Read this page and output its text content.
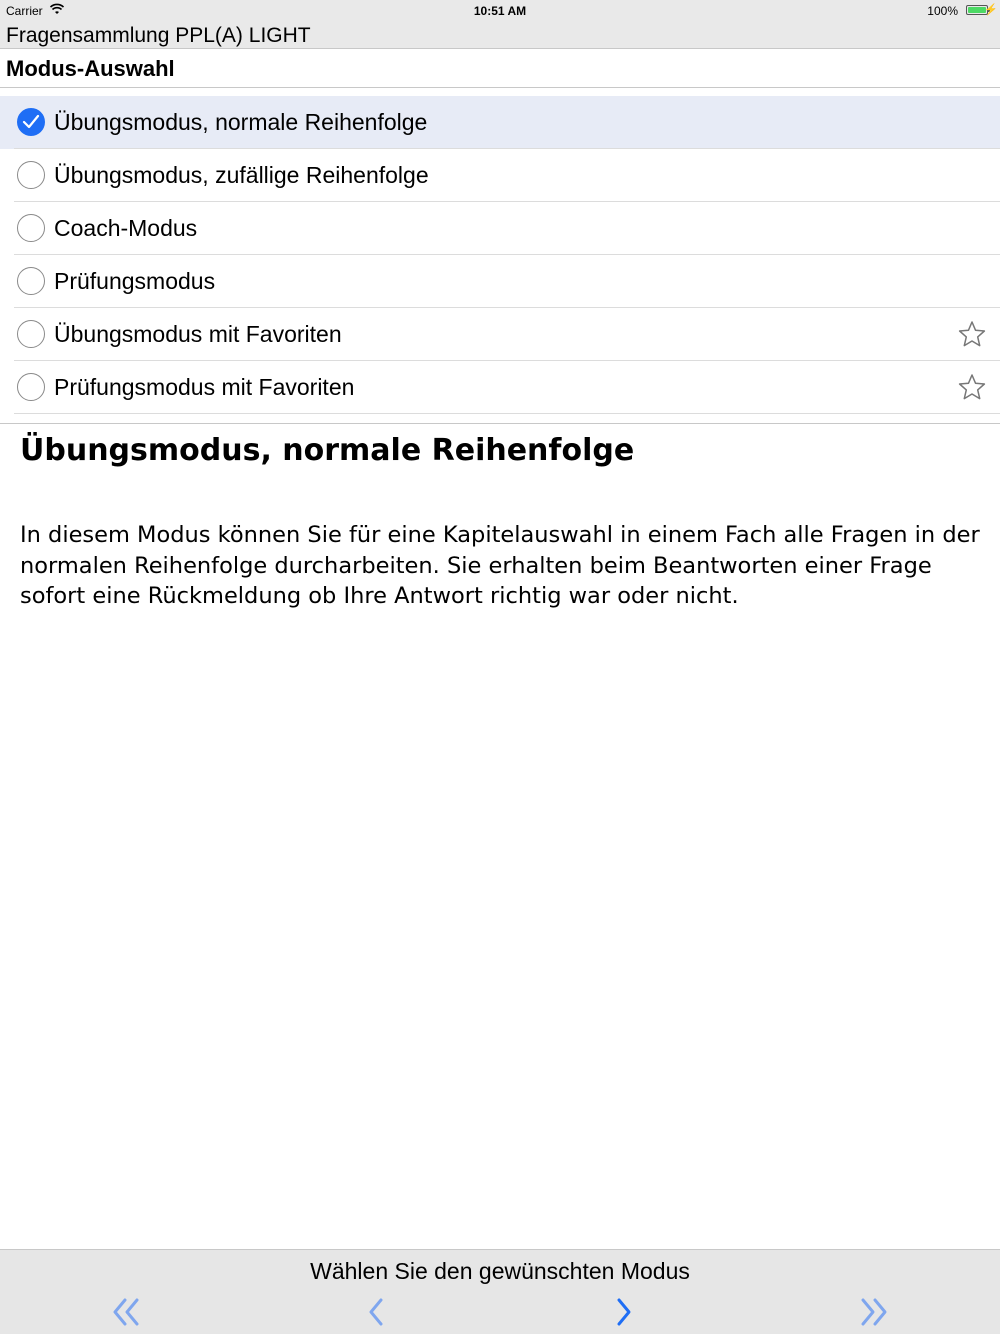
Carrier	10:51 AM	100% ⚡
Fragensammlung PPL(A) LIGHT
Modus-Auswahl
Übungsmodus, normale Reihenfolge
Übungsmodus, zufällige Reihenfolge
Coach-Modus
Prüfungsmodus
Übungsmodus mit Favoriten
Prüfungsmodus mit Favoriten
Übungsmodus, normale Reihenfolge
In diesem Modus können Sie für eine Kapitelauswahl in einem Fach alle Fragen in der normalen Reihenfolge durcharbeiten. Sie erhalten beim Beantworten einer Frage sofort eine Rückmeldung ob Ihre Antwort richtig war oder nicht.
Wählen Sie den gewünschten Modus
